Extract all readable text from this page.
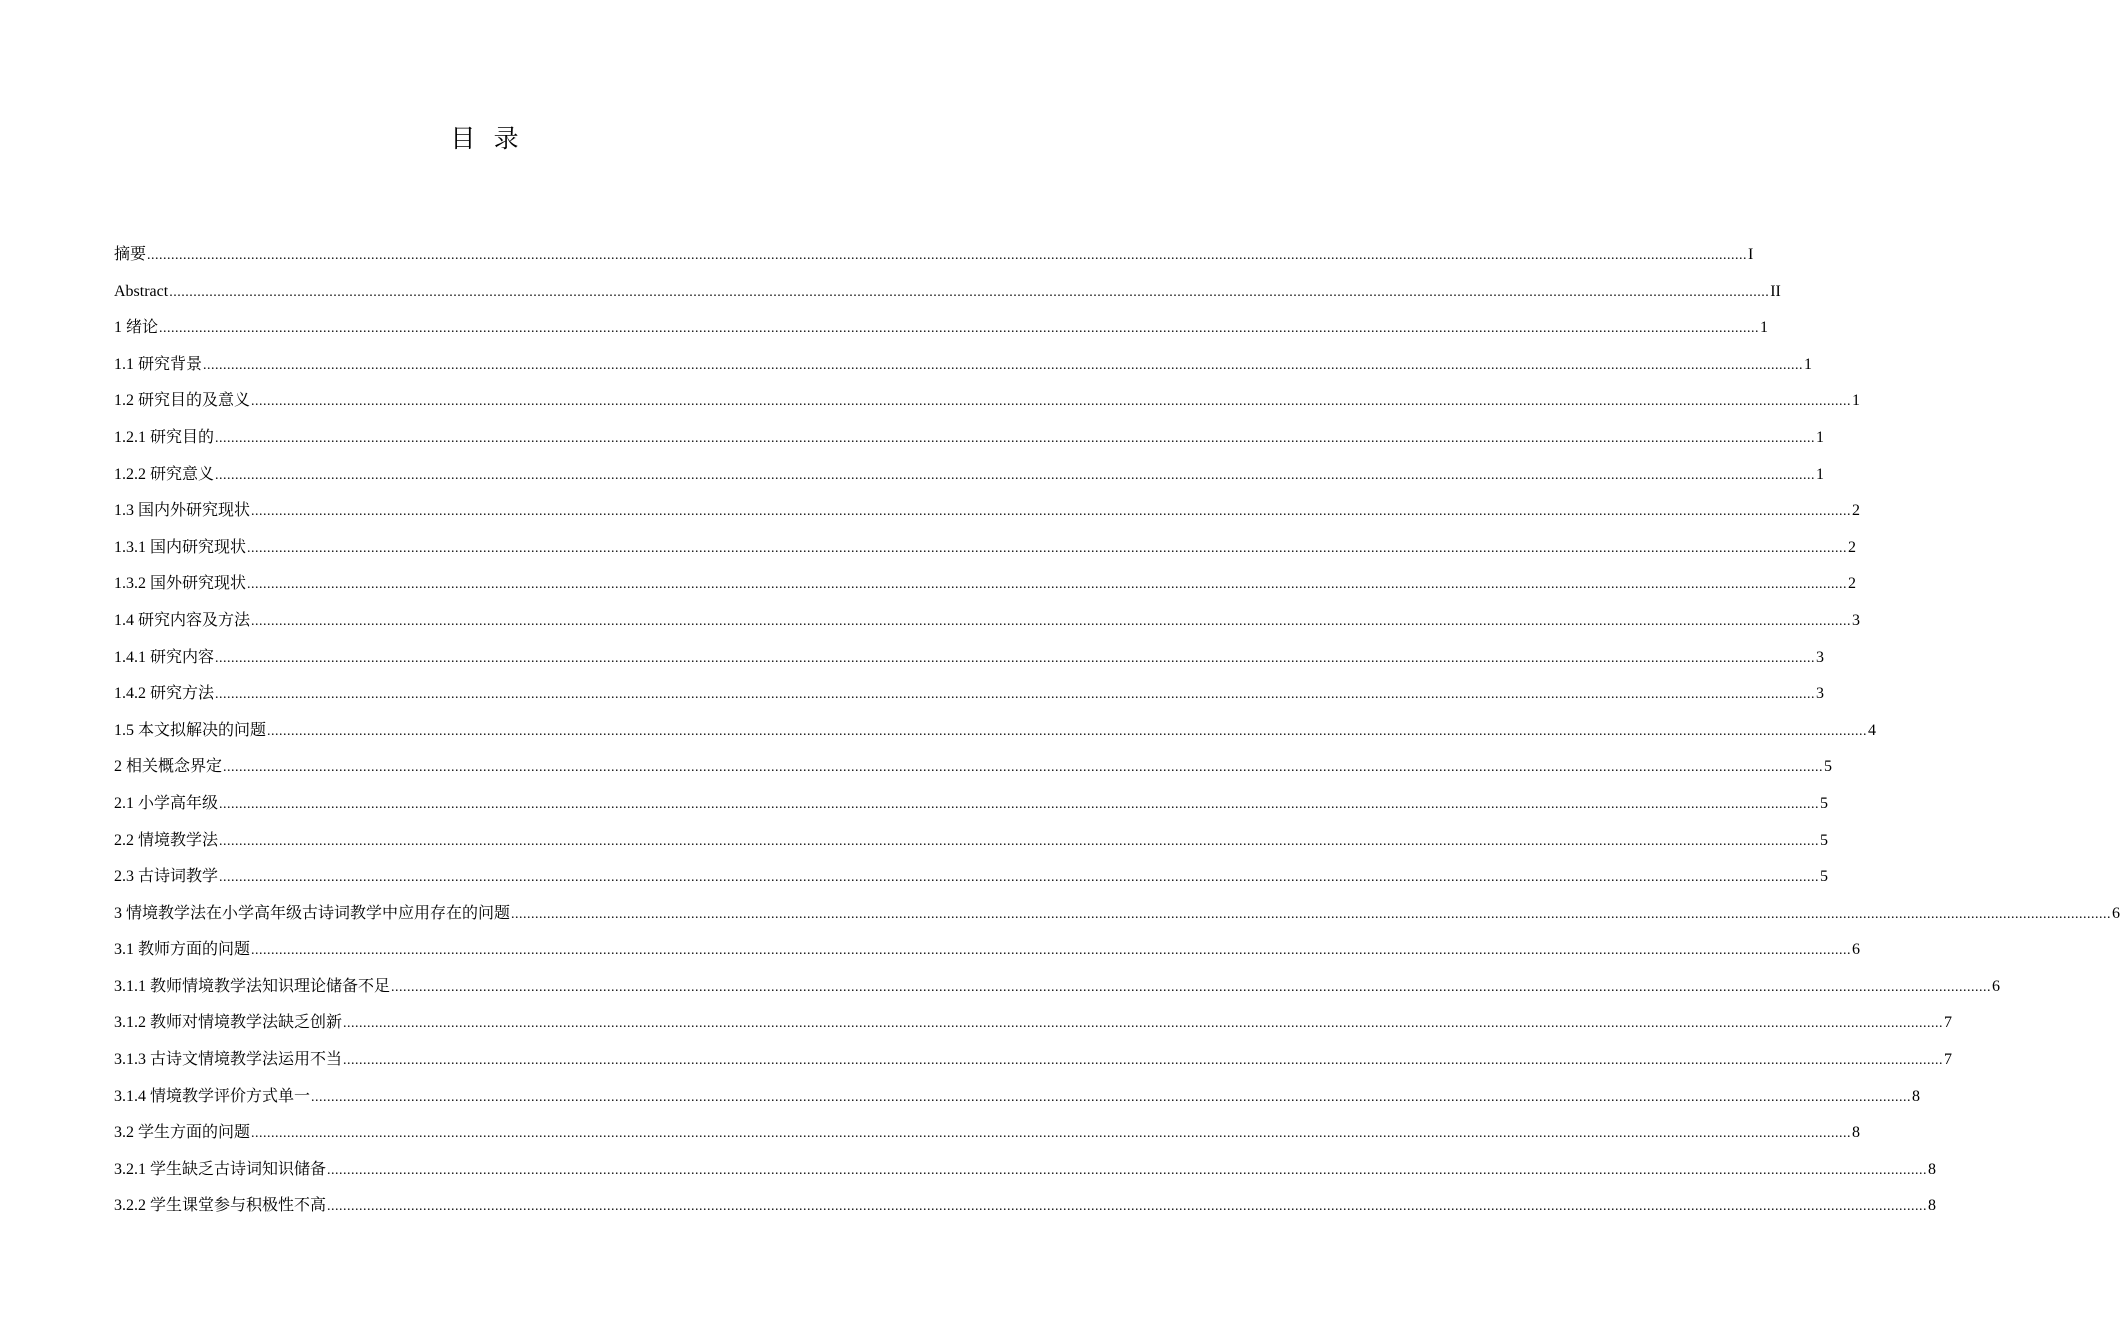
目 录
摘要 ................................................................................................................................................................................................................................................................................................................................................................................................................ I
Abstract ................................................................................................................................................................................................................................................................................................................................................................................................................ II
1 绪论 ................................................................................................................................................................................................................................................................................................................................................................................................................ 1
1.1 研究背景 ................................................................................................................................................................................................................................................................................................................................................................................................................ 1
1.2 研究目的及意义 ................................................................................................................................................................................................................................................................................................................................................................................................................ 1
1.2.1 研究目的 ................................................................................................................................................................................................................................................................................................................................................................................................................ 1
1.2.2 研究意义 ................................................................................................................................................................................................................................................................................................................................................................................................................ 1
1.3 国内外研究现状 ................................................................................................................................................................................................................................................................................................................................................................................................................ 2
1.3.1 国内研究现状 ................................................................................................................................................................................................................................................................................................................................................................................................................ 2
1.3.2 国外研究现状 ................................................................................................................................................................................................................................................................................................................................................................................................................ 2
1.4 研究内容及方法 ................................................................................................................................................................................................................................................................................................................................................................................................................ 3
1.4.1 研究内容 ................................................................................................................................................................................................................................................................................................................................................................................................................ 3
1.4.2 研究方法 ................................................................................................................................................................................................................................................................................................................................................................................................................ 3
1.5 本文拟解决的问题 ................................................................................................................................................................................................................................................................................................................................................................................................................ 4
2 相关概念界定 ................................................................................................................................................................................................................................................................................................................................................................................................................ 5
2.1 小学高年级 ................................................................................................................................................................................................................................................................................................................................................................................................................ 5
2.2 情境教学法 ................................................................................................................................................................................................................................................................................................................................................................................................................ 5
2.3 古诗词教学 ................................................................................................................................................................................................................................................................................................................................................................................................................ 5
3 情境教学法在小学高年级古诗词教学中应用存在的问题 ................................................................................................................................................................................................................................................................................................................................................................................................................ 6
3.1 教师方面的问题 ................................................................................................................................................................................................................................................................................................................................................................................................................ 6
3.1.1 教师情境教学法知识理论储备不足 ................................................................................................................................................................................................................................................................................................................................................................................................................ 6
3.1.2 教师对情境教学法缺乏创新 ................................................................................................................................................................................................................................................................................................................................................................................................................ 7
3.1.3 古诗文情境教学法运用不当 ................................................................................................................................................................................................................................................................................................................................................................................................................ 7
3.1.4 情境教学评价方式单一 ................................................................................................................................................................................................................................................................................................................................................................................................................ 8
3.2 学生方面的问题 ................................................................................................................................................................................................................................................................................................................................................................................................................ 8
3.2.1 学生缺乏古诗词知识储备 ................................................................................................................................................................................................................................................................................................................................................................................................................ 8
3.2.2 学生课堂参与积极性不高 ................................................................................................................................................................................................................................................................................................................................................................................................................ 8
